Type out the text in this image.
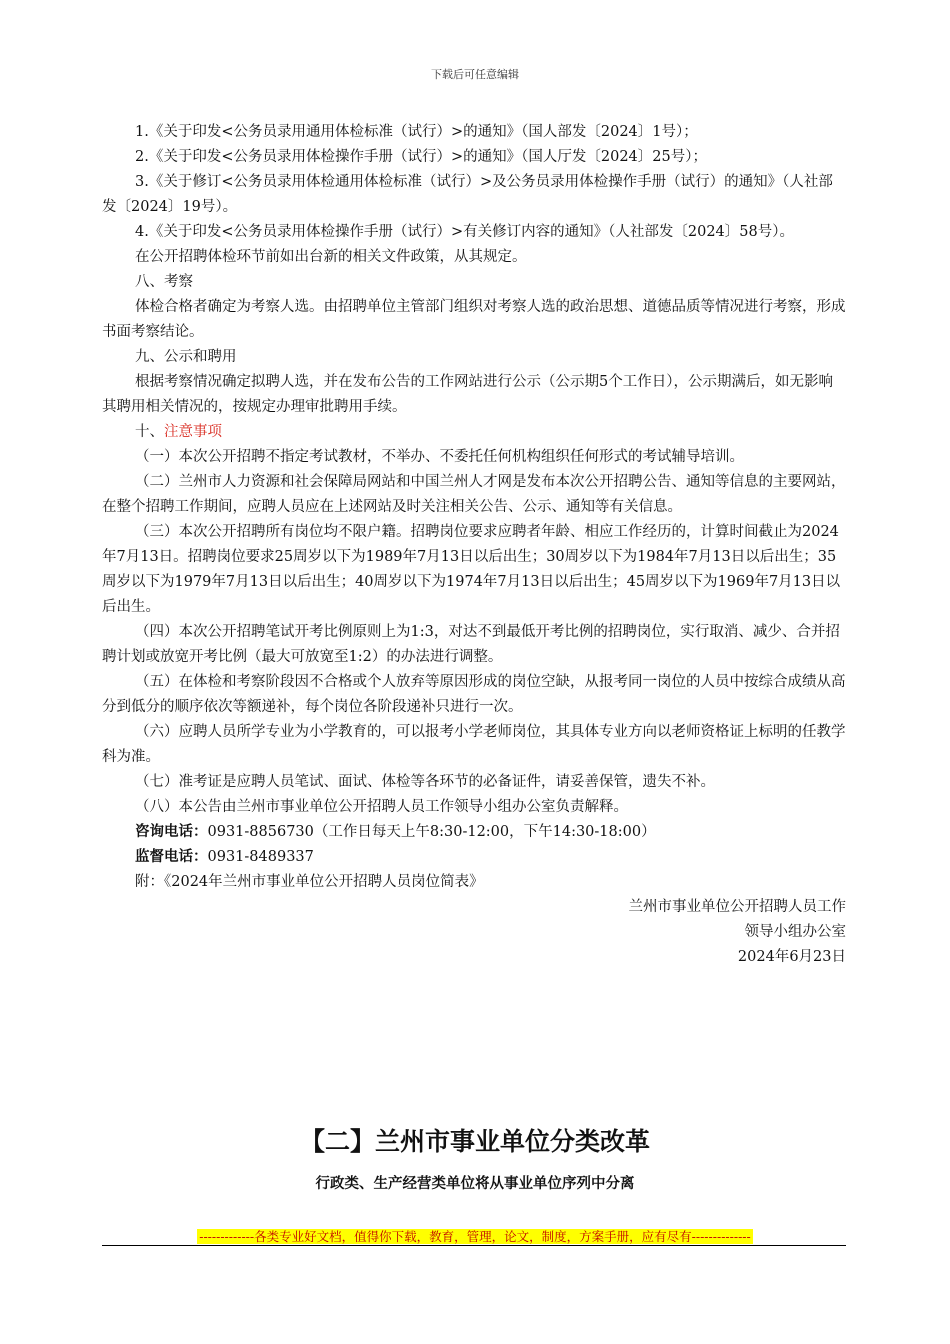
下载后可任意编辑

1.《关于印发<公务员录用通用体检标准（试行）>的通知》（国人部发〔2024〕1号）；

2.《关于印发<公务员录用体检操作手册（试行）>的通知》（国人厅发〔2024〕25号）；

3.《关于修订<公务员录用体检通用体检标准（试行）>及公务员录用体检操作手册（试行）的通知》（人社部发〔2024〕19号）。

4.《关于印发<公务员录用体检操作手册（试行）>有关修订内容的通知》（人社部发〔2024〕58号）。

在公开招聘体检环节前如出台新的相关文件政策，从其规定。

八、考察

体检合格者确定为考察人选。由招聘单位主管部门组织对考察人选的政治思想、道德品质等情况进行考察，形成书面考察结论。

九、公示和聘用

根据考察情况确定拟聘人选，并在发布公告的工作网站进行公示（公示期5个工作日），公示期满后，如无影响其聘用相关情况的，按规定办理审批聘用手续。

十、注意事项

（一）本次公开招聘不指定考试教材，不举办、不委托任何机构组织任何形式的考试辅导培训。

（二）兰州市人力资源和社会保障局网站和中国兰州人才网是发布本次公开招聘公告、通知等信息的主要网站，在整个招聘工作期间，应聘人员应在上述网站及时关注相关公告、公示、通知等有关信息。

（三）本次公开招聘所有岗位均不限户籍。招聘岗位要求应聘者年龄、相应工作经历的，计算时间截止为2024年7月13日。招聘岗位要求25周岁以下为1989年7月13日以后出生；30周岁以下为1984年7月13日以后出生；35周岁以下为1979年7月13日以后出生；40周岁以下为1974年7月13日以后出生；45周岁以下为1969年7月13日以后出生。

（四）本次公开招聘笔试开考比例原则上为1:3，对达不到最低开考比例的招聘岗位，实行取消、减少、合并招聘计划或放宽开考比例（最大可放宽至1:2）的办法进行调整。

（五）在体检和考察阶段因不合格或个人放弃等原因形成的岗位空缺，从报考同一岗位的人员中按综合成绩从高分到低分的顺序依次等额递补，每个岗位各阶段递补只进行一次。

（六）应聘人员所学专业为小学教育的，可以报考小学老师岗位，其具体专业方向以老师资格证上标明的任教学科为准。

（七）准考证是应聘人员笔试、面试、体检等各环节的必备证件，请妥善保管，遗失不补。

（八）本公告由兰州市事业单位公开招聘人员工作领导小组办公室负责解释。

咨询电话：0931-8856730（工作日每天上午8:30-12:00，下午14:30-18:00）

监督电话：0931-8489337

附：《2024年兰州市事业单位公开招聘人员岗位简表》

兰州市事业单位公开招聘人员工作

领导小组办公室

2024年6月23日

【二】兰州市事业单位分类改革
行政类、生产经营类单位将从事业单位序列中分离
-------------各类专业好文档，值得你下载，教育，管理，论文，制度，方案手册，应有尽有--------------
